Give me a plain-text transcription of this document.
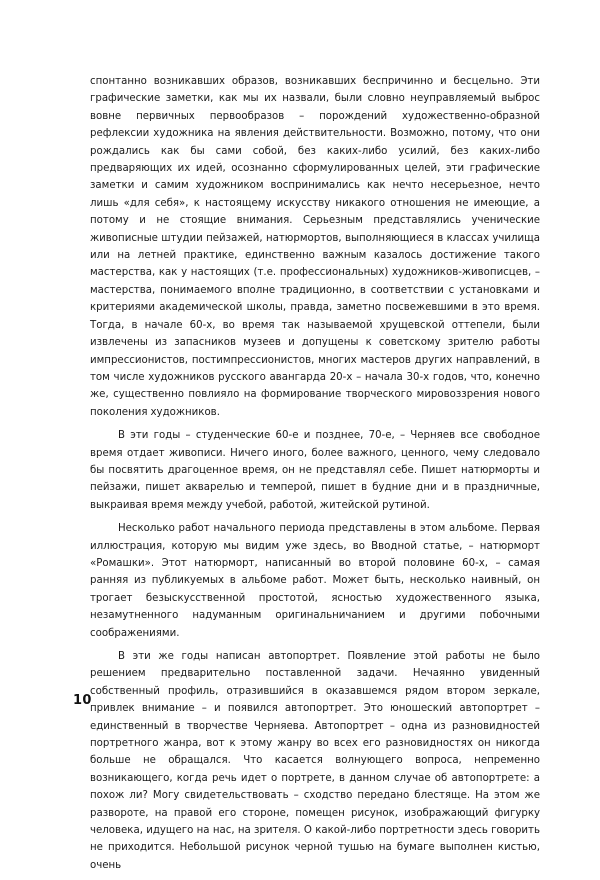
спонтанно возникавших образов, возникавших беспричинно и бесцельно. Эти графические заметки, как мы их назвали, были словно неуправляемый выброс вовне первичных первообразов – порождений художественно-образной рефлексии художника на явления действительности. Возможно, потому, что они рождались как бы сами собой, без каких-либо усилий, без каких-либо предваряющих их идей, осознанно сформулированных целей, эти графические заметки и самим художником воспринимались как нечто несерьезное, нечто лишь «для себя», к настоящему искусству никакого отношения не имеющие, а потому и не стоящие внимания. Серьезным представлялись ученические живописные штудии пейзажей, натюрмортов, выполняющиеся в классах училища или на летней практике, единственно важным казалось достижение такого мастерства, как у настоящих (т.е. профессиональных) художников-живописцев, – мастерства, понимаемого вполне традиционно, в соответствии с установками и критериями академической школы, правда, заметно посвежевшими в это время. Тогда, в начале 60-х, во время так называемой хрущевской оттепели, были извлечены из запасников музеев и допущены к советскому зрителю работы импрессионистов, постимпрессионистов, многих мастеров других направлений, в том числе художников русского авангарда 20-х – начала 30-х годов, что, конечно же, существенно повлияло на формирование творческого мировоззрения нового поколения художников.

В эти годы – студенческие 60-е и позднее, 70-е, – Черняев все свободное время отдает живописи. Ничего иного, более важного, ценного, чему следовало бы посвятить драгоценное время, он не представлял себе. Пишет натюрморты и пейзажи, пишет акварелью и темперой, пишет в будние дни и в праздничные, выкраивая время между учебой, работой, житейской рутиной.

Несколько работ начального периода представлены в этом альбоме. Первая иллюстрация, которую мы видим уже здесь, во Вводной статье, – натюрморт «Ромашки». Этот натюрморт, написанный во второй половине 60-х, – самая ранняя из публикуемых в альбоме работ. Может быть, несколько наивный, он трогает безыскусственной простотой, ясностью художественного языка, незамутненного надуманным оригинальничанием и другими побочными соображениями.

В эти же годы написан автопортрет. Появление этой работы не было решением предварительно поставленной задачи. Нечаянно увиденный собственный профиль, отразившийся в оказавшемся рядом втором зеркале, привлек внимание – и появился автопортрет. Это юношеский автопортрет – единственный в творчестве Черняева. Автопортрет – одна из разновидностей портретного жанра, вот к этому жанру во всех его разновидностях он никогда больше не обращался. Что касается волнующего вопроса, непременно возникающего, когда речь идет о портрете, в данном случае об автопортрете: а похож ли? Могу свидетельствовать – сходство передано блестяще. На этом же развороте, на правой его стороне, помещен рисунок, изображающий фигурку человека, идущего на нас, на зрителя. О какой-либо портретности здесь говорить не приходится. Небольшой рисунок черной тушью на бумаге выполнен кистью, очень

10
